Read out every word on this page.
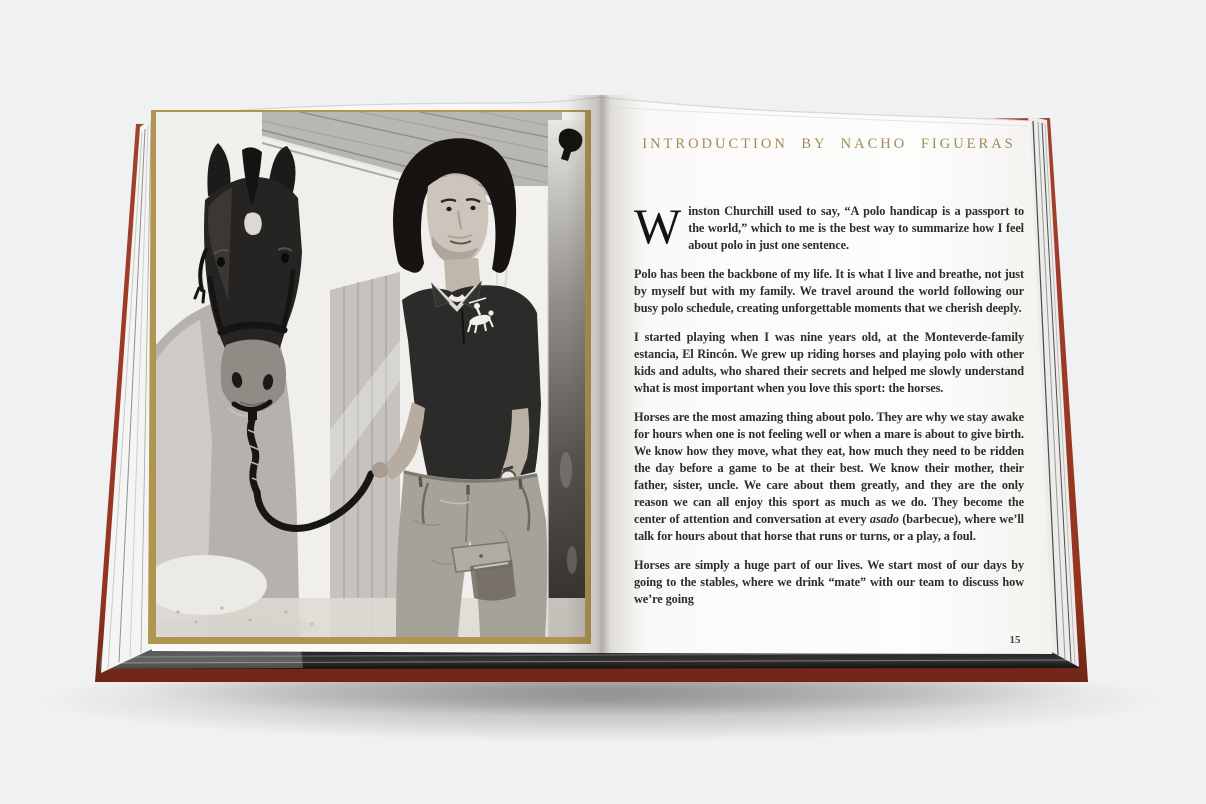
INTRODUCTION BY NACHO FIGUERAS

Winston Churchill used to say, “A polo handicap is a passport to the world,” which to me is the best way to summarize how I feel about polo in just one sentence.

Polo has been the backbone of my life. It is what I live and breathe, not just by myself but with my family. We travel around the world following our busy polo schedule, creating unforgettable moments that we cherish deeply.

I started playing when I was nine years old, at the Monteverde-family estancia, El Rincón. We grew up riding horses and playing polo with other kids and adults, who shared their secrets and helped me slowly understand what is most important when you love this sport: the horses.

Horses are the most amazing thing about polo. They are why we stay awake for hours when one is not feeling well or when a mare is about to give birth. We know how they move, what they eat, how much they need to be ridden the day before a game to be at their best. We know their mother, their father, sister, uncle. We care about them greatly, and they are the only reason we can all enjoy this sport as much as we do. They become the center of attention and conversation at every asado (barbecue), where we’ll talk for hours about that horse that runs or turns, or a play, a foul.

Horses are simply a huge part of our lives. We start most of our days by going to the stables, where we drink “mate” with our team to discuss how we’re going

15
